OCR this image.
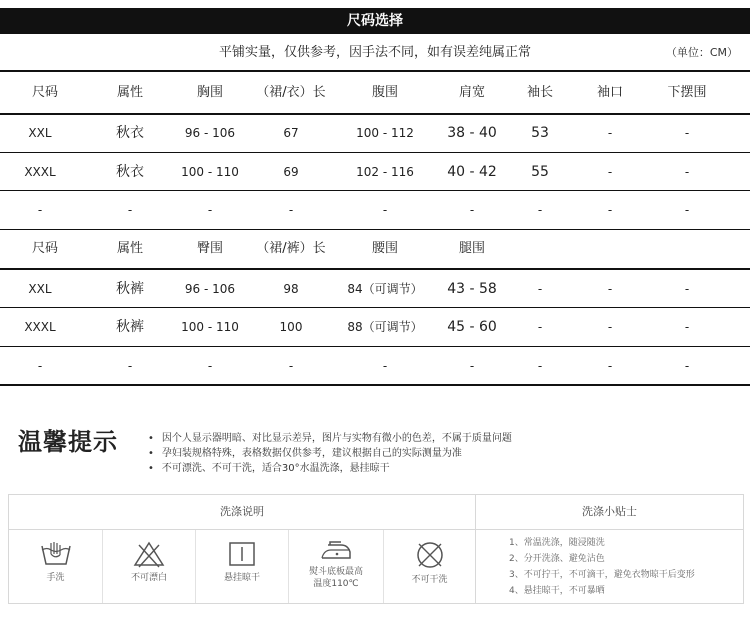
尺码选择
平铺实量，仅供参考，因手法不同，如有误差纯属正常	（单位：CM）
尺码	属性	胸围	（裙/衣）长	腹围	肩宽	袖长	袖口	下摆围
XXL	秋衣	96 - 106	67	100 - 112	38 - 40	53	-	-
XXXL	秋衣	100 - 110	69	102 - 116	40 - 42	55	-	-
-	-	-	-	-	-	-	-	-
尺码	属性	臀围	（裙/裤）长	腰围	腿围
XXL	秋裤	96 - 106	98	84（可调节）	43 - 58	-	-	-
XXXL	秋裤	100 - 110	100	88（可调节）	45 - 60	-	-	-
-	-	-	-	-	-	-	-	-
温馨提示
•	因个人显示器明暗、对比显示差异，图片与实物有微小的色差，不属于质量问题
• 孕妇装规格特殊，表格数据仅供参考，建议根据自己的实际测量为准
• 不可漂洗、不可干洗，适合30°水温洗涤，悬挂晾干
洗涤说明	洗涤小贴士
手洗	不可漂白	悬挂晾干
熨斗底板最高
温度110℃	不可干洗
1、常温洗涤，随浸随洗
2、分开洗涤、避免沾色
3、不可拧干，不可滴干，避免衣物晾干后变形
4、悬挂晾干，不可暴晒
